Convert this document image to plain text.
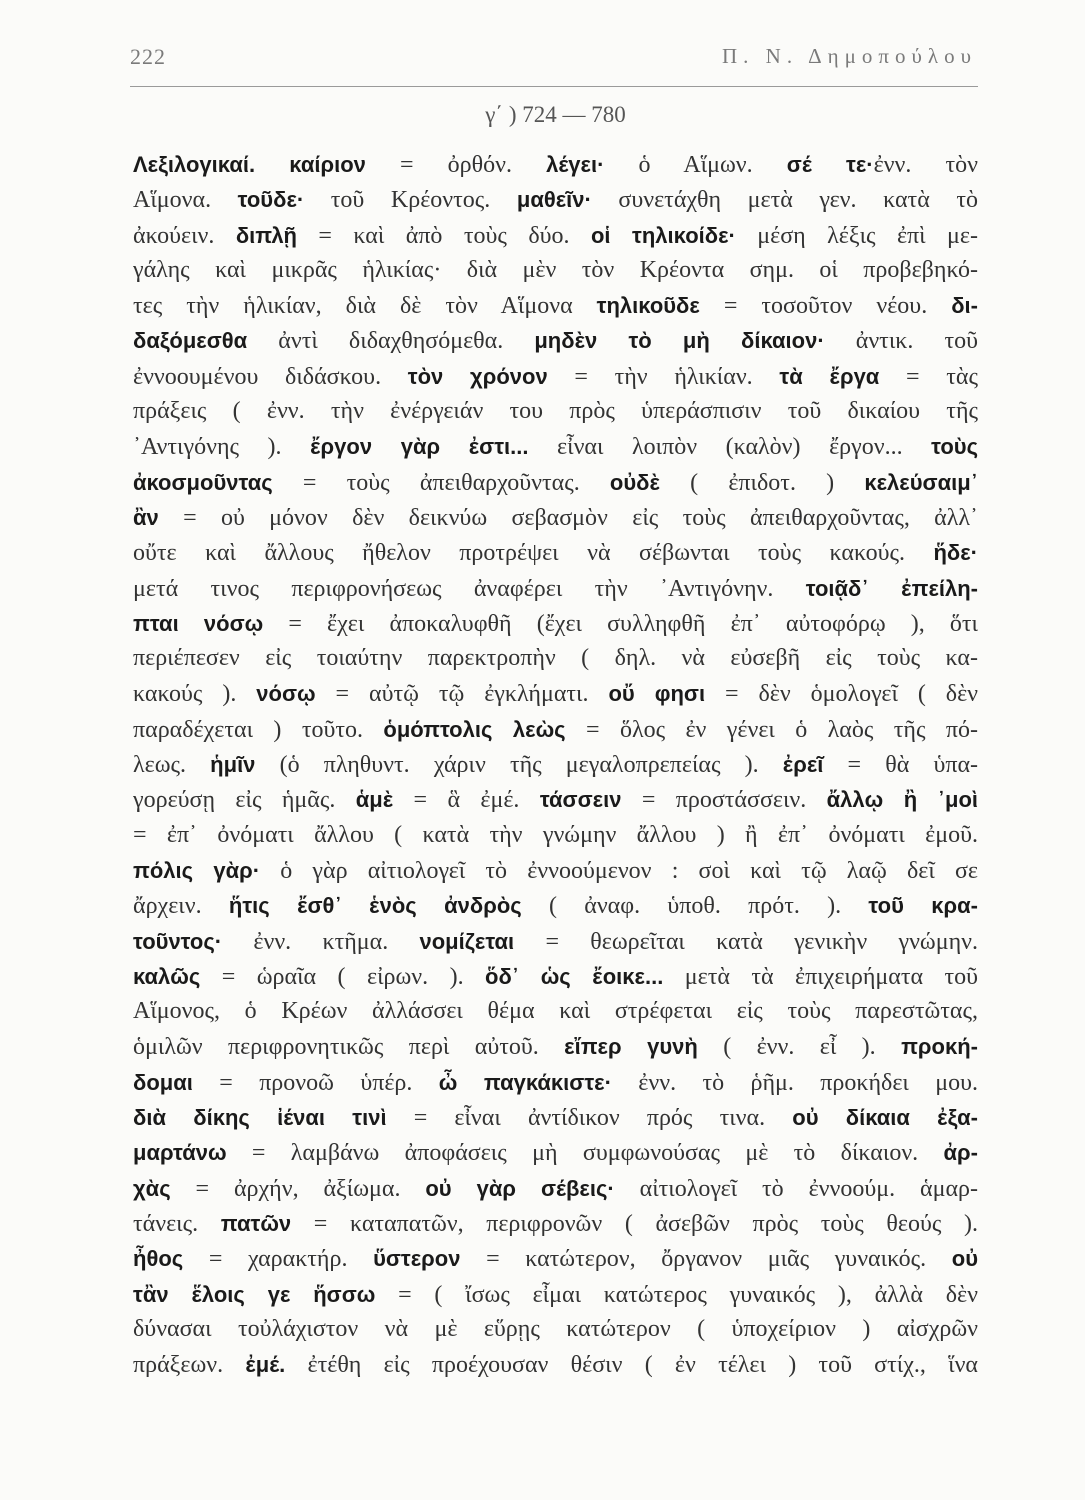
222	Π. Ν. Δημοπούλου
γ΄ ) 724 — 780
Λεξιλογικαί. καίριον = ὀρθόν. λέγει· ὁ Αἵμων. σέ τε·ἐνν. τὸν
Αἵμονα. τοῦδε· τοῦ Κρέοντος. μαθεῖν· συνετάχθη μετὰ γεν. κατὰ τὸ
ἀκούειν. διπλῇ = καὶ ἀπὸ τοὺς δύο. οἱ τηλικοίδε· μέση λέξις ἐπὶ με-
γάλης καὶ μικρᾶς ἡλικίας· διὰ μὲν τὸν Κρέοντα σημ. οἱ προβεβηκό-
τες τὴν ἡλικίαν, διὰ δὲ τὸν Αἵμονα τηλικοῦδε = τοσοῦτον νέου. δι-
δαξόμεσθα ἀντὶ διδαχθησόμεθα. μηδὲν τὸ μὴ δίκαιον· ἀντικ. τοῦ
ἐννοουμένου διδάσκου. τὸν χρόνον = τὴν ἡλικίαν. τὰ ἔργα = τὰς
πράξεις ( ἐνν. τὴν ἐνέργειάν του πρὸς ὑπεράσπισιν τοῦ δικαίου τῆς
᾿Αντιγόνης ). ἔργον γὰρ ἐστι... εἶναι λοιπὸν (καλὸν) ἔργον... τοὺς
ἀκοσμοῦντας = τοὺς ἀπειθαρχοῦντας. οὐδὲ ( ἐπιδοτ. ) κελεύσαιμ᾿
ἂν = οὐ μόνον δὲν δεικνύω σεβασμὸν εἰς τοὺς ἀπειθαρχοῦντας, ἀλλ᾿
οὔτε καὶ ἄλλους ἤθελον προτρέψει νὰ σέβωνται τοὺς κακούς. ἥδε·
μετά τινος περιφρονήσεως ἀναφέρει τὴν ᾿Αντιγόνην. τοιᾷδ᾿ ἐπείλη-
πται νόσῳ = ἔχει ἀποκαλυφθῆ (ἔχει συλληφθῆ ἐπ᾿ αὐτοφόρῳ ), ὅτι
περιέπεσεν εἰς τοιαύτην παρεκτροπὴν ( δηλ. νὰ εὐσεβῆ εἰς τοὺς κα-
κακούς ). νόσῳ = αὐτῷ τῷ ἐγκλήματι. οὔ φησι = δὲν ὁμολογεῖ ( δὲν
παραδέχεται ) τοῦτο. ὁμόπτολις λεὼς = ὅλος ἐν γένει ὁ λαὸς τῆς πό-
λεως. ἡμῖν (ὁ πληθυντ. χάριν τῆς μεγαλοπρεπείας ). ἐρεῖ = θὰ ὑπα-
γορεύσῃ εἰς ἡμᾶς. ἁμὲ = ἃ ἐμέ. τάσσειν = προστάσσειν. ἄλλῳ ἢ ᾿μοὶ
= ἐπ᾿ ὀνόματι ἄλλου ( κατὰ τὴν γνώμην ἄλλου ) ἢ ἐπ᾿ ὀνόματι ἐμοῦ.
πόλις γὰρ· ὁ γὰρ αἰτιολογεῖ τὸ ἐννοούμενον : σοὶ καὶ τῷ λαῷ δεῖ σε
ἄρχειν. ἥτις ἔσθ᾿ ἑνὸς ἀνδρὸς ( ἀναφ. ὑποθ. πρότ. ). τοῦ κρα-
τοῦντος· ἐνν. κτῆμα. νομίζεται = θεωρεῖται κατὰ γενικὴν γνώμην.
καλῶς = ὡραῖα ( εἰρων. ). ὅδ᾿ ὡς ἔοικε... μετὰ τὰ ἐπιχειρήματα τοῦ
Αἵμονος, ὁ Κρέων ἀλλάσσει θέμα καὶ στρέφεται εἰς τοὺς παρεστῶτας,
ὁμιλῶν περιφρονητικῶς περὶ αὐτοῦ. εἴπερ γυνὴ ( ἐνν. εἶ ). προκή-
δομαι = προνοῶ ὑπέρ. ὦ παγκάκιστε· ἐνν. τὸ ῥῆμ. προκήδει μου.
διὰ δίκης ἰέναι τινὶ = εἶναι ἀντίδικον πρός τινα. οὐ δίκαια ἐξα-
μαρτάνω = λαμβάνω ἀποφάσεις μὴ συμφωνούσας μὲ τὸ δίκαιον. ἀρ-
χὰς = ἀρχήν, ἀξίωμα. οὐ γὰρ σέβεις· αἰτιολογεῖ τὸ ἐννοούμ. ἁμαρ-
τάνεις. πατῶν = καταπατῶν, περιφρονῶν ( ἀσεβῶν πρὸς τοὺς θεούς ).
ἦθος = χαρακτήρ. ὕστερον = κατώτερον, ὄργανον μιᾶς γυναικός. οὐ
τἂν ἕλοις γε ἥσσω = ( ἴσως εἶμαι κατώτερος γυναικός ), ἀλλὰ δὲν
δύνασαι τοὐλάχιστον νὰ μὲ εὕρῃς κατώτερον ( ὑποχείριον ) αἰσχρῶν
πράξεων. ἐμέ. ἐτέθη εἰς προέχουσαν θέσιν ( ἐν τέλει ) τοῦ στίχ., ἵνα
